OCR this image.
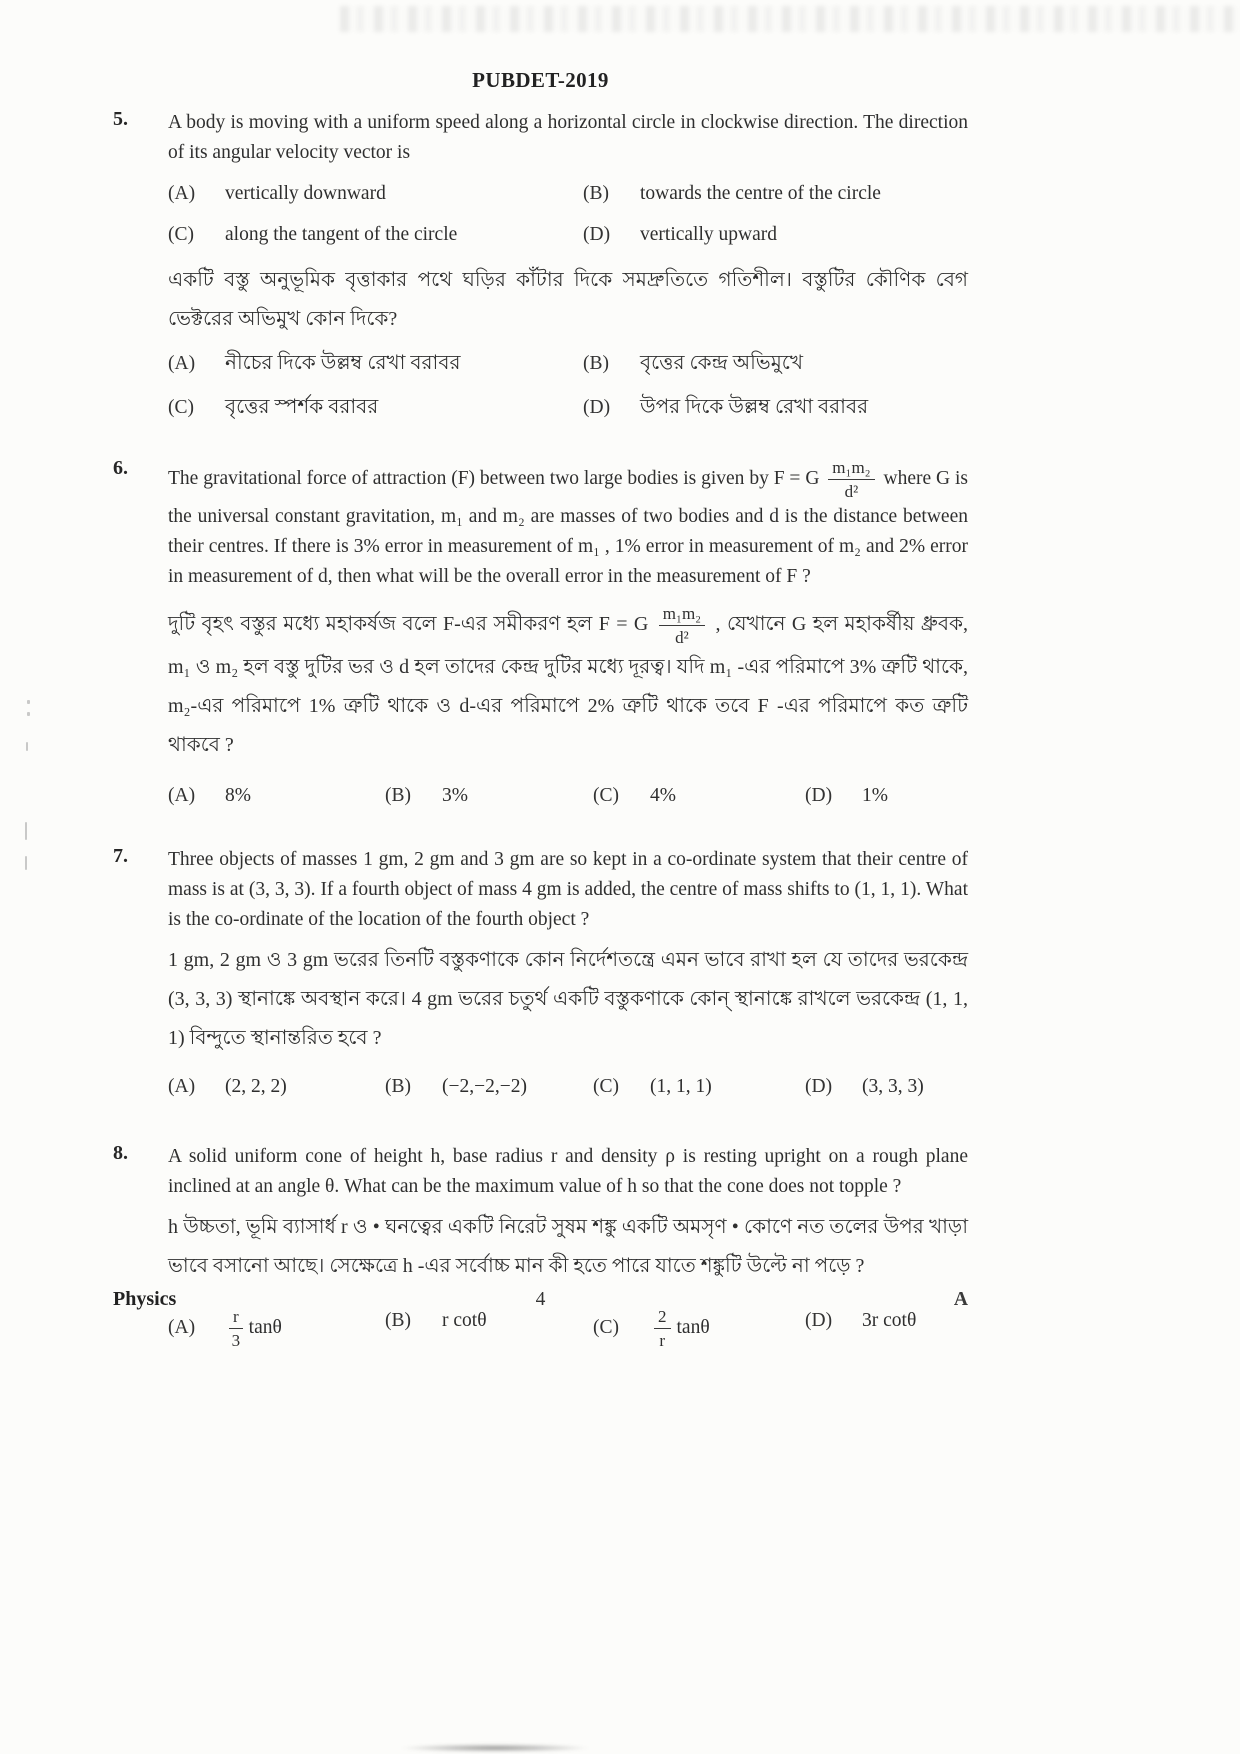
PUBDET-2019
5.	A body is moving with a uniform speed along a horizontal circle in clockwise direction. The direction of its angular velocity vector is

(A)	vertically downward	(B)	towards the centre of the circle
(C)	along the tangent of the circle	(D)	vertically upward

একটি বস্তু অনুভূমিক বৃত্তাকার পথে ঘড়ির কাঁটার দিকে সমদ্রুতিতে গতিশীল। বস্তুটির কৌণিক বেগ ভেক্টরের অভিমুখ কোন দিকে?

(A)	নীচের দিকে উল্লম্ব রেখা বরাবর	(B)	বৃত্তের কেন্দ্র অভিমুখে
(C)	বৃত্তের স্পর্শক বরাবর	(D)	উপর দিকে উল্লম্ব রেখা বরাবর
6.	The gravitational force of attraction (F) between two large bodies is given by F = G $\frac{\text{m₁m₂}}{\text{d²}}$ where G is the universal constant gravitation, m₁ and m₂ are masses of two bodies and d is the distance between their centres. If there is 3% error in measurement of m₁ , 1% error in measurement of m₂ and 2% error in measurement of d, then what will be the overall error in the measurement of F ?

দুটি বৃহৎ বস্তুর মধ্যে মহাকর্ষজ বলে F-এর সমীকরণ হল F = G $\frac{\text{m₁m₂}}{\text{d²}}$ , যেখানে G হল মহাকর্ষীয় ধ্রুবক, m₁ ও m₂ হল বস্তু দুটির ভর ও d হল তাদের কেন্দ্র দুটির মধ্যে দূরত্ব। যদি m₁ -এর পরিমাপে 3% ত্রুটি থাকে, m₂-এর পরিমাপে 1% ত্রুটি থাকে ও d-এর পরিমাপে 2% ত্রুটি থাকে তবে F -এর পরিমাপে কত ত্রুটি থাকবে ?

(A)	8%	(B)	3%	(C)	4%	(D)	1%
7.	Three objects of masses 1 gm, 2 gm and 3 gm are so kept in a co-ordinate system that their centre of mass is at (3, 3, 3). If a fourth object of mass 4 gm is added, the centre of mass shifts to (1, 1, 1). What is the co-ordinate of the location of the fourth object ?

1 gm, 2 gm ও 3 gm ভরের তিনটি বস্তুকণাকে কোন নির্দেশতন্ত্রে এমন ভাবে রাখা হল যে তাদের ভরকেন্দ্র (3, 3, 3) স্থানাঙ্কে অবস্থান করে। 4 gm ভরের চতুর্থ একটি বস্তুকণাকে কোন্ স্থানাঙ্কে রাখলে ভরকেন্দ্র (1, 1, 1) বিন্দুতে স্থানান্তরিত হবে ?

(A)	(2, 2, 2)	(B)	(−2,−2,−2)	(C)	(1, 1, 1)	(D)	(3, 3, 3)
8.	A solid uniform cone of height h, base radius r and density ρ is resting upright on a rough plane inclined at an angle θ. What can be the maximum value of h so that the cone does not topple ?

h উচ্চতা, ভূমি ব্যাসার্ধ r ও • ঘনত্বের একটি নিরেট সুষম শঙ্কু একটি অমসৃণ • কোণে নত তলের উপর খাড়া ভাবে বসানো আছে। সেক্ষেত্রে h -এর সর্বোচ্চ মান কী হতে পারে যাতে শঙ্কুটি উল্টে না পড়ে ?

(A)	$\frac{r}{3}$ tanθ	(B)	r cotθ	(C)	$\frac{2}{r}$ tanθ	(D)	3r cotθ
Physics	4	A
